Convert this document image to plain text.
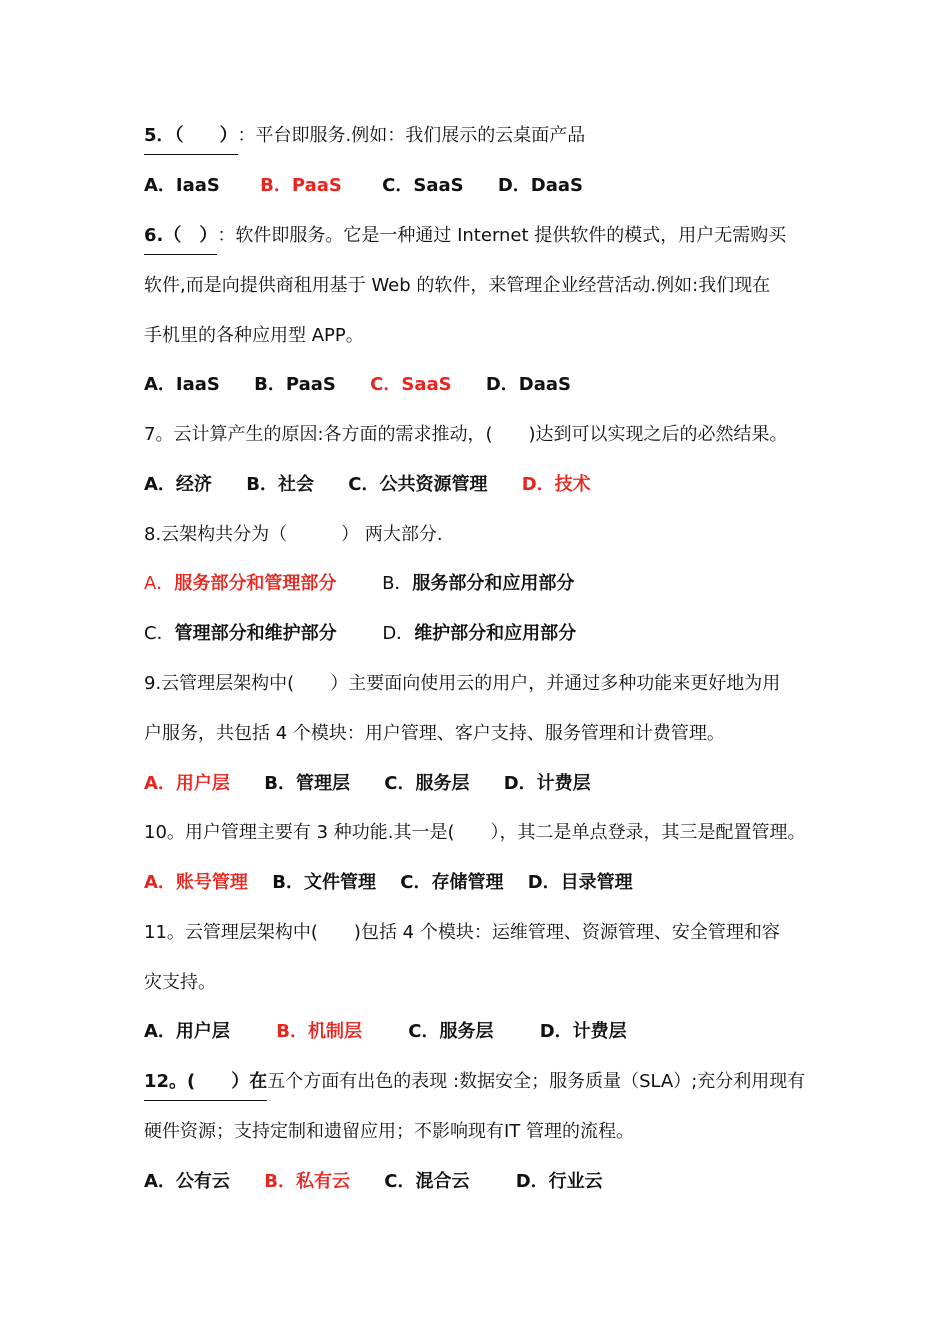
5．（　　）：平台即服务.例如：我们展示的云桌面产品
A．IaaS B．PaaS C．SaaS D．DaaS
6.（　）：软件即服务。它是一种通过 Internet 提供软件的模式，用户无需购买
软件,而是向提供商租用基于 Web 的软件，来管理企业经营活动.例如:我们现在
手机里的各种应用型 APP。
A．IaaS B．PaaS C．SaaS D．DaaS
7。云计算产生的原因:各方面的需求推动，(　　)达到可以实现之后的必然结果。
A．经济 B．社会 C．公共资源管理 D．技术
8.云架构共分为（　　　） 两大部分.
A．服务部分和管理部分	B．服务部分和应用部分
C．管理部分和维护部分	D．维护部分和应用部分
9.云管理层架构中(　　）主要面向使用云的用户，并通过多种功能来更好地为用
户服务，共包括 4 个模块：用户管理、客户支持、服务管理和计费管理。
A．用户层 B．管理层 C．服务层 D．计费层
10。用户管理主要有 3 种功能.其一是(　　），其二是单点登录，其三是配置管理。
A．账号管理 B．文件管理 C．存储管理 D．目录管理
11。云管理层架构中(　　)包括 4 个模块：运维管理、资源管理、安全管理和容
灾支持。
A．用户层	B．机制层	C．服务层	D．计费层
12。(　　）在五个方面有出色的表现 :数据安全；服务质量（SLA）;充分利用现有
硬件资源；支持定制和遗留应用；不影响现有IT 管理的流程。
A．公有云 B．私有云 C．混合云	D．行业云
